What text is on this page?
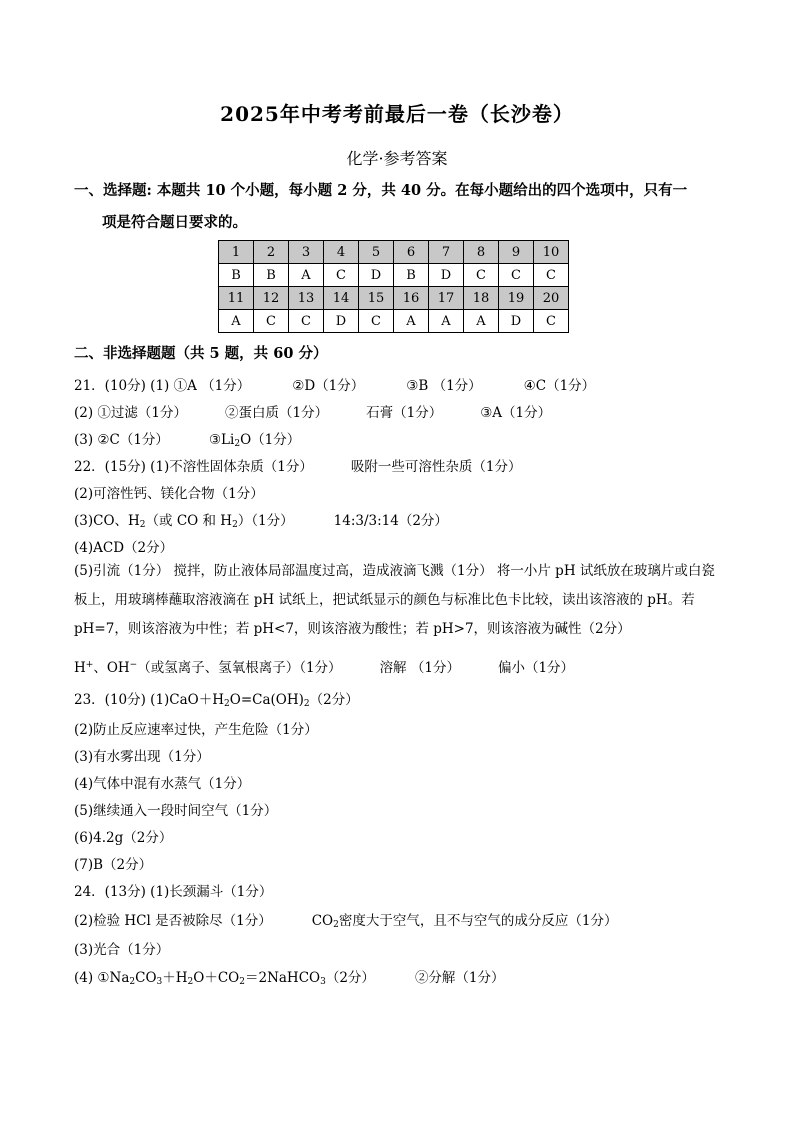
2025年中考考前最后一卷（长沙卷）
化学·参考答案
一、选择题: 本题共 10 个小题，每小题 2 分，共 40 分。在每小题给出的四个选项中，只有一
项是符合题日要求的。
1	2	3	4	5	6	7	8	9	10
B	B	A	C	D	B	D	C	C	C
11	12	13	14	15	16	17	18	19	20
A	C	C	D	C	A	A	A	D	C
二、非选择题题（共 5 题，共 60 分）
21．(10分) (1) ①A （1分）	②D（1分）	③B （1分）	④C（1分）
(2) ①过滤（1分）	②蛋白质（1分）	石膏（1分）	③A（1分）
(3) ②C（1分）	$③Li_2O(1$分）
22．(15分) (1)不溶性固体杂质（1分）	吸附一些可溶性杂质（1分）
(2)可溶性钙、镁化合物（1分）
(3)CO、$H_2$（或 CO 和 $H_2)(1$分）	14:3/3:14（2分）
(4)ACD（2分）
(5)引流（1分） 搅拌，防止液体局部温度过高，造成液滴飞溅（1分） 将一小片 pH 试纸放在玻璃片或白瓷板上，用玻璃棒蘸取溶液滴在 pH 试纸上，把试纸显示的颜色与标准比色卡比较，读出该溶液的 pH。若 pH=7，则该溶液为中性；若 pH<7，则该溶液为酸性；若 pH>7，则该溶液为碱性（2分）
H+、OH−（或氢离子、氢氧根离子）（1分）	溶解 （1分）	偏小（1分）
23．(10分) $(1)CaO+H_2O=Ca(OH)_2(2$分）
(2)防止反应速率过快，产生危险（1分）
(3)有水雾出现（1分）
(4)气体中混有水蒸气（1分）
(5)继续通入一段时间空气（1分）
(6)4.2g（2分）
(7)B（2分）
24．(13分) (1)长颈漏斗（1分）
(2)检验 HCl 是否被除尽（1分）	$CO_2$密度大于空气，且不与空气的成分反应（1分）
(3)光合（1分）
(4) $①Na_2CO_3+H_2O+CO_2=2NaHCO_3(2$分）	②分解（1分）
